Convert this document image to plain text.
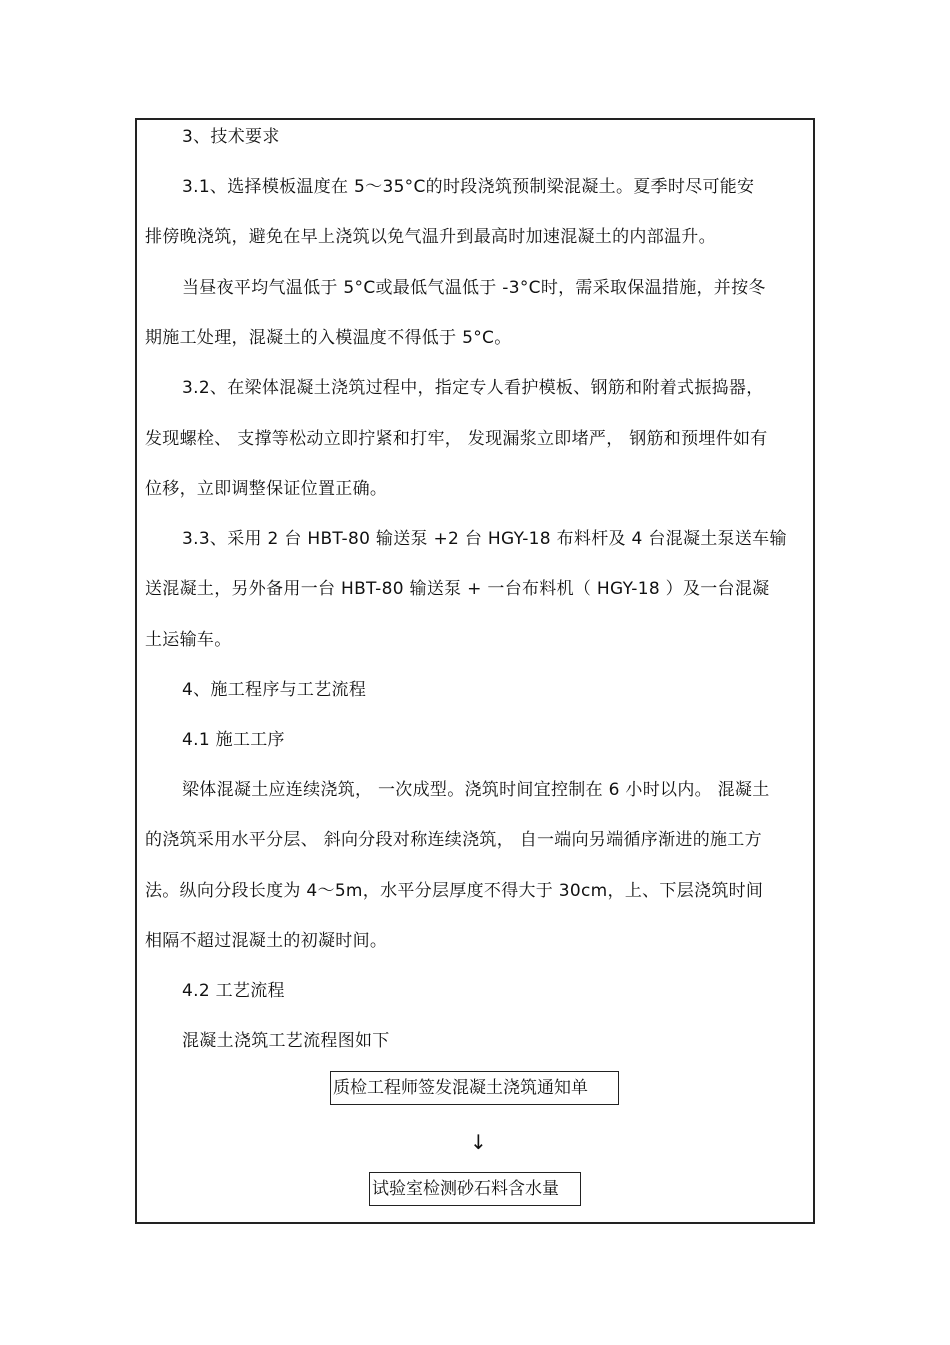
3、技术要求
3.1、选择模板温度在 5～35°C的时段浇筑预制梁混凝土。夏季时尽可能安
排傍晚浇筑，避免在早上浇筑以免气温升到最高时加速混凝土的内部温升。
当昼夜平均气温低于 5°C或最低气温低于 -3°C时，需采取保温措施，并按冬
期施工处理，混凝土的入模温度不得低于 5°C。
3.2、在梁体混凝土浇筑过程中，指定专人看护模板、钢筋和附着式振捣器，
发现螺栓、 支撑等松动立即拧紧和打牢， 发现漏浆立即堵严， 钢筋和预埋件如有
位移，立即调整保证位置正确。
3.3、采用 2 台 HBT-80 输送泵 +2 台 HGY-18 布料杆及 4 台混凝土泵送车输
送混凝土，另外备用一台 HBT-80 输送泵 + 一台布料机（ HGY-18 ）及一台混凝
土运输车。
4、施工程序与工艺流程
4.1 施工工序
梁体混凝土应连续浇筑， 一次成型。浇筑时间宜控制在 6 小时以内。 混凝土
的浇筑采用水平分层、 斜向分段对称连续浇筑， 自一端向另端循序渐进的施工方
法。纵向分段长度为 4～5m，水平分层厚度不得大于 30cm，上、下层浇筑时间
相隔不超过混凝土的初凝时间。
4.2 工艺流程
混凝土浇筑工艺流程图如下
质检工程师签发混凝土浇筑通知单
↓
试验室检测砂石料含水量
